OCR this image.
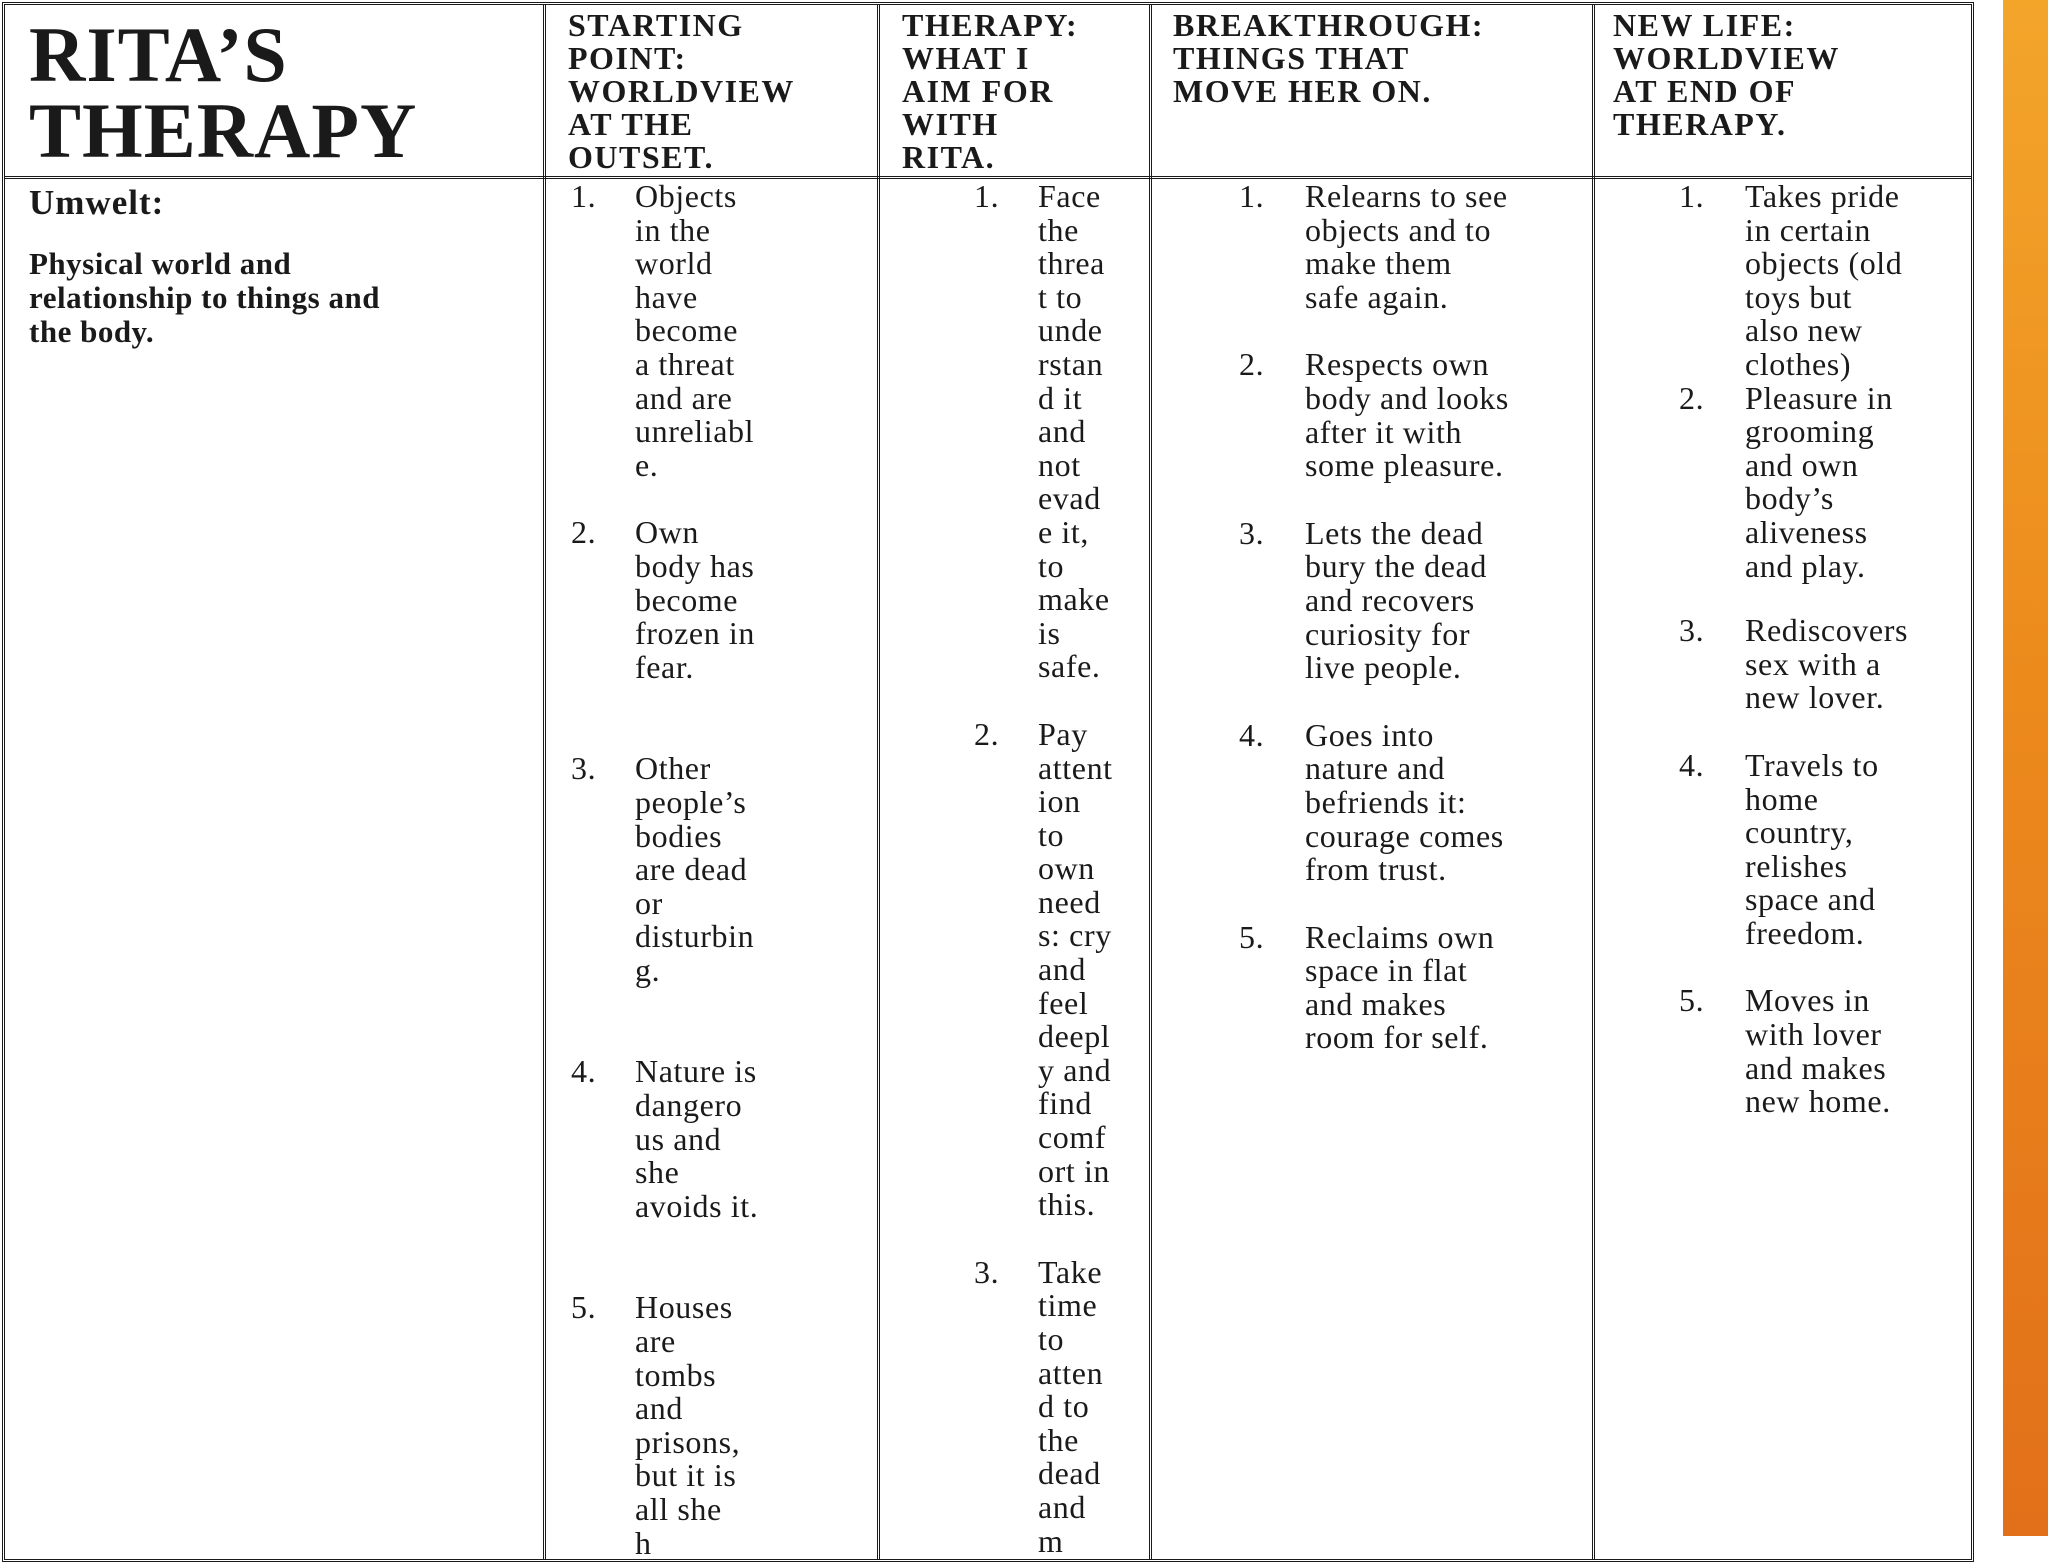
RITA’S
THERAPY
STARTING
POINT:
WORLDVIEW
AT THE
OUTSET.
THERAPY:
WHAT I
AIM FOR
WITH
RITA.
BREAKTHROUGH:
THINGS THAT
MOVE HER ON.
NEW LIFE:
WORLDVIEW
AT END OF
THERAPY.
Umwelt:
Physical world and
relationship to things and
the body.
1. Objects
in the
world
have
become
a threat
and are
unreliabl
e.
2. Own
body has
become
frozen in
fear.
3. Other
people’s
bodies
are dead
or
disturbin
g.
4. Nature is
dangero
us and
she
avoids it.
5. Houses
are
tombs
and
prisons,
but it is
all she
h
1. Face
the
threa
t to
unde
rstan
d it
and
not
evad
e it,
to
make
is
safe.
2. Pay
attent
ion
to
own
need
s: cry
and
feel
deepl
y and
find
comf
ort in
this.
3. Take
time
to
atten
d to
the
dead
and
m
1. Relearns to see
objects and to
make them
safe again.
2. Respects own
body and looks
after it with
some pleasure.
3. Lets the dead
bury the dead
and recovers
curiosity for
live people.
4. Goes into
nature and
befriends it:
courage comes
from trust.
5. Reclaims own
space in flat
and makes
room for self.
1. Takes pride
in certain
objects (old
toys but
also new
clothes)
2. Pleasure in
grooming
and own
body’s
aliveness
and play.
3. Rediscovers
sex with a
new lover.
4. Travels to
home
country,
relishes
space and
freedom.
5. Moves in
with lover
and makes
new home.
